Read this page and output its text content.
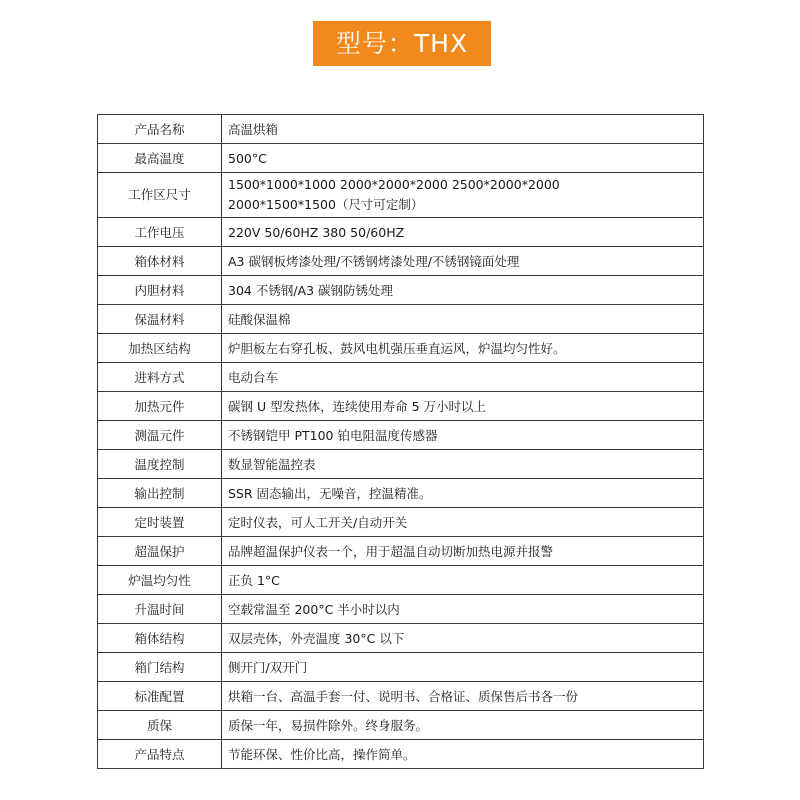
型号：THX
产品名称	高温烘箱
最高温度	500°C
工作区尺寸	1500*1000*1000 2000*2000*2000 2500*2000*2000
2000*1500*1500（尺寸可定制）

工作电压	220V 50/60HZ 380 50/60HZ
箱体材料	A3 碳钢板烤漆处理/不锈钢烤漆处理/不锈钢镜面处理
内胆材料	304 不锈钢/A3 碳钢防锈处理
保温材料	硅酸保温棉
加热区结构	炉胆板左右穿孔板、鼓风电机强压垂直运风，炉温均匀性好。
进料方式	电动台车
加热元件	碳钢 U 型发热体，连续使用寿命 5 万小时以上
测温元件	不锈钢铠甲 PT100 铂电阻温度传感器
温度控制	数显智能温控表
输出控制	SSR 固态输出，无噪音，控温精准。
定时装置	定时仪表，可人工开关/自动开关
超温保护	品牌超温保护仪表一个，用于超温自动切断加热电源并报警
炉温均匀性	正负 1°C
升温时间	空载常温至 200°C 半小时以内
箱体结构	双层壳体，外壳温度 30°C 以下
箱门结构	侧开门/双开门
标准配置	烘箱一台、高温手套一付、说明书、合格证、质保售后书各一份
质保	质保一年，易损件除外。终身服务。
产品特点	节能环保、性价比高，操作简单。
